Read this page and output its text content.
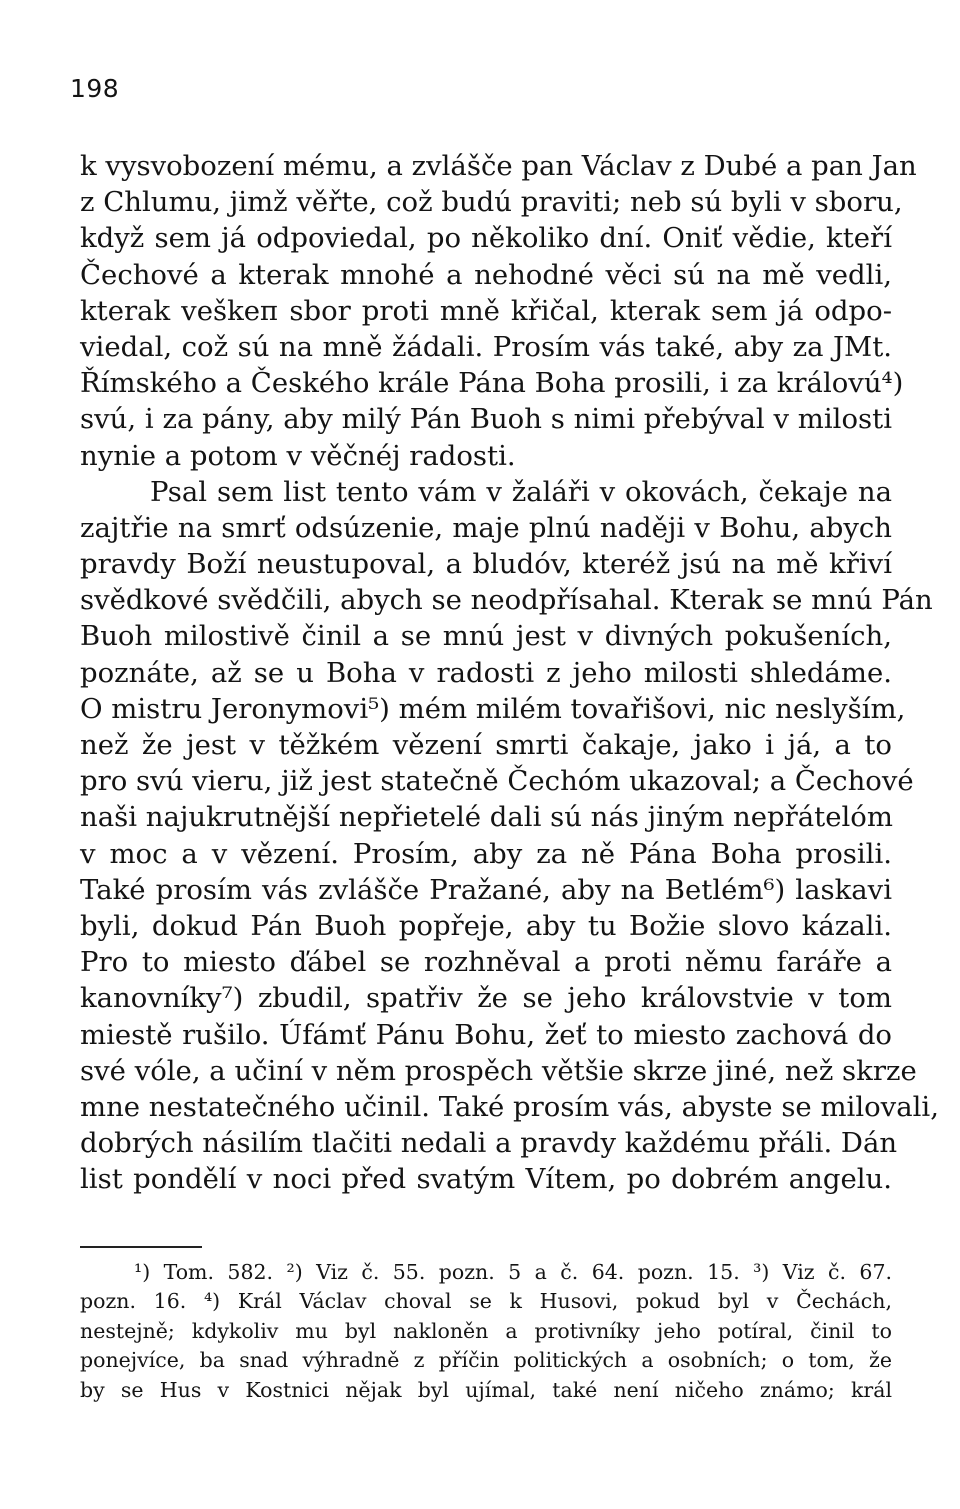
198
k vysvobození mému, a zvlášče pan Václav z Dubé a pan Jan
z Chlumu, jimž věřte, což budú praviti; neb sú byli v sboru,
když sem já odpoviedal, po několiko dní. Oniť vědie, kteří
Čechové a kterak mnohé a nehodné věci sú na mě vedli,
kterak veškeп sbor proti mně křičal, kterak sem já odpo-
viedal, což sú na mně žádali. Prosím vás také, aby za JMt.
Římského a Českého krále Pána Boha prosili, i za královú⁴)
svú, i za pány, aby milý Pán Buoh s nimi přebýval v milosti
nynie a potom v věčnéj radosti.
Psal sem list tento vám v žaláři v okovách, čekaje na
zajtřie na smrť odsúzenie, maje plnú naději v Bohu, abych
pravdy Boží neustupoval, a bludóv, kteréž jsú na mě křiví
svědkové svědčili, abych se neodpřísahal. Kterak se mnú Pán
Buoh milostivě činil a se mnú jest v divných pokušeních,
poznáte, až se u Boha v radosti z jeho milosti shledáme.
O mistru Jeronymovi⁵) mém milém tovařišovi, nic neslyším,
než že jest v těžkém vězení smrti čakaje, jako i já, a to
pro svú vieru, již jest statečně Čechóm ukazoval; a Čechové
naši najukrutnější nepřietelé dali sú nás jiným nepřátelóm
v moc a v vězení. Prosím, aby za ně Pána Boha prosili.
Také prosím vás zvlášče Pražané, aby na Betlém⁶) laskavi
byli, dokud Pán Buoh popřeje, aby tu Božie slovo kázali.
Pro to miesto ďábel se rozhněval a proti němu faráře a
kanovníky⁷) zbudil, spatřiv že se jeho královstvie v tom
miestě rušilo. Úfámť Pánu Bohu, žeť to miesto zachová do
své vóle, a učiní v něm prospěch většie skrze jiné, než skrze
mne nestatečného učinil. Také prosím vás, abyste se milovali,
dobrých násilím tlačiti nedali a pravdy každému přáli. Dán
list pondělí v noci před svatým Vítem, po dobrém angelu.
¹) Tom. 582. ²) Viz č. 55. pozn. 5 a č. 64. pozn. 15. ³) Viz č. 67.
pozn. 16. ⁴) Král Václav choval se k Husovi, pokud byl v Čechách,
nestejně; kdykoliv mu byl nakloněn a protivníky jeho potíral, činil to
ponejvíce, ba snad výhradně z příčin politických a osobních; o tom, že
by se Hus v Kostnici nějak byl ujímal, také není ničeho známo; král
